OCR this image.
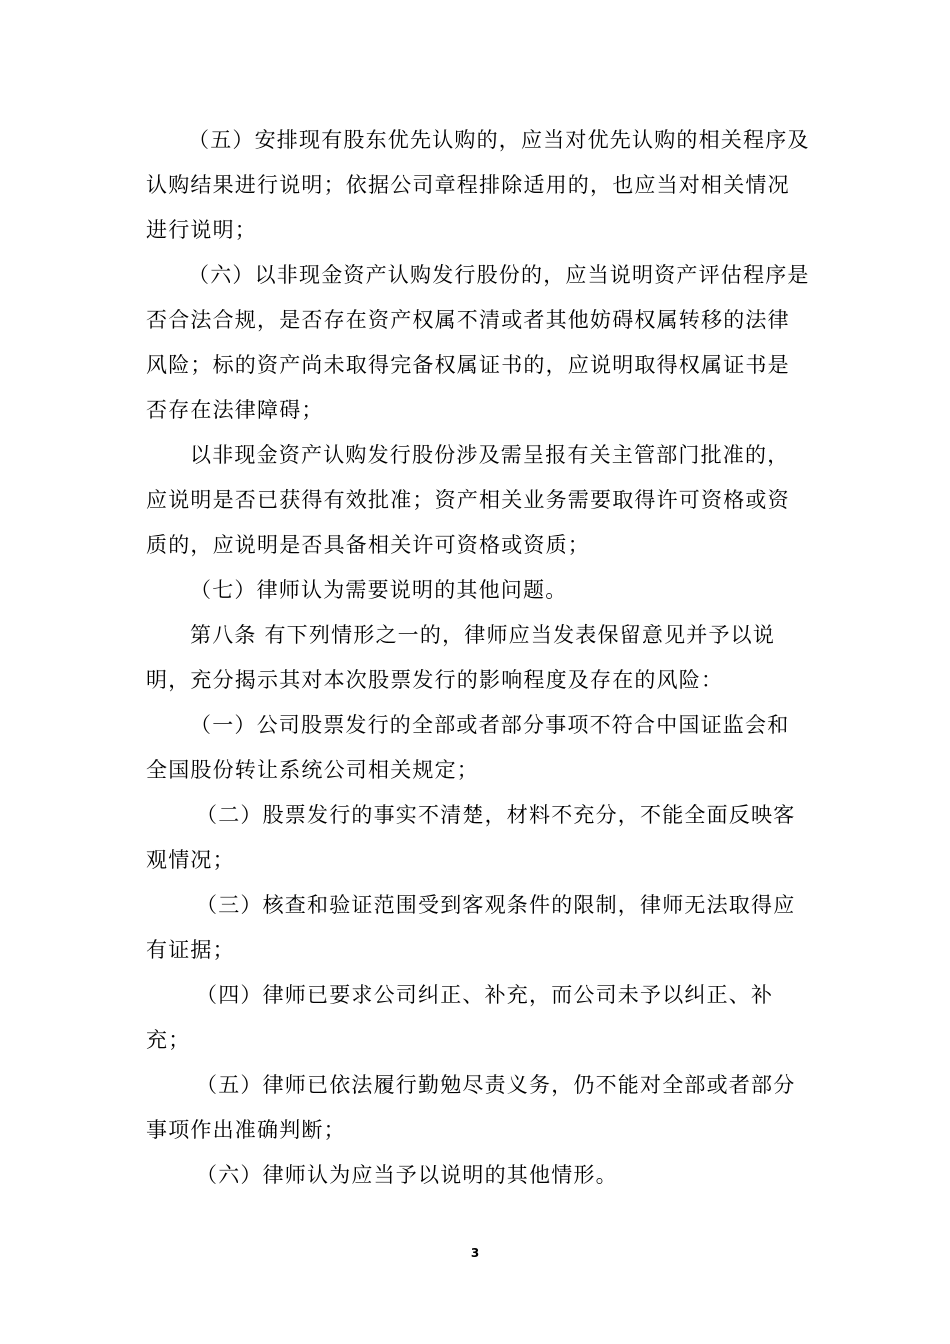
（五）安排现有股东优先认购的，应当对优先认购的相关程序及认购结果进行说明；依据公司章程排除适用的，也应当对相关情况进行说明；

（六）以非现金资产认购发行股份的，应当说明资产评估程序是否合法合规，是否存在资产权属不清或者其他妨碍权属转移的法律风险；标的资产尚未取得完备权属证书的，应说明取得权属证书是否存在法律障碍；

以非现金资产认购发行股份涉及需呈报有关主管部门批准的，应说明是否已获得有效批准；资产相关业务需要取得许可资格或资质的，应说明是否具备相关许可资格或资质；

（七）律师认为需要说明的其他问题。

第八条 有下列情形之一的，律师应当发表保留意见并予以说明，充分揭示其对本次股票发行的影响程度及存在的风险：

（一）公司股票发行的全部或者部分事项不符合中国证监会和全国股份转让系统公司相关规定；

（二）股票发行的事实不清楚，材料不充分，不能全面反映客观情况；

（三）核查和验证范围受到客观条件的限制，律师无法取得应有证据；

（四）律师已要求公司纠正、补充，而公司未予以纠正、补充；

（五）律师已依法履行勤勉尽责义务，仍不能对全部或者部分事项作出准确判断；

（六）律师认为应当予以说明的其他情形。

3
